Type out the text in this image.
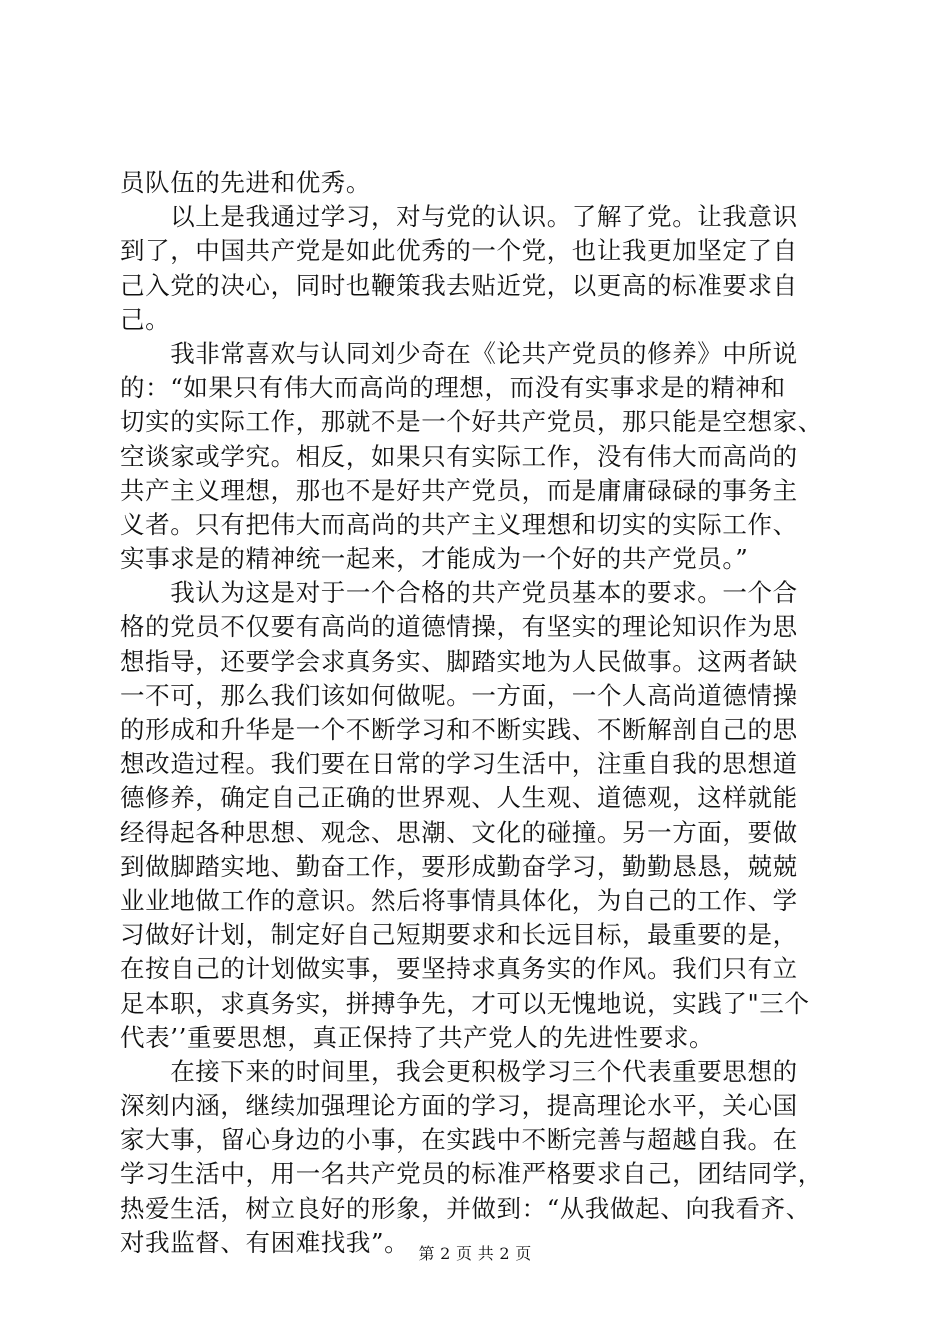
员队伍的先进和优秀。
　　以上是我通过学习，对与党的认识。了解了党。让我意识
到了，中国共产党是如此优秀的一个党，也让我更加坚定了自
己入党的决心，同时也鞭策我去贴近党，以更高的标准要求自
己。
　　我非常喜欢与认同刘少奇在《论共产党员的修养》中所说
的：“如果只有伟大而高尚的理想，而没有实事求是的精神和
切实的实际工作，那就不是一个好共产党员，那只能是空想家、
空谈家或学究。相反，如果只有实际工作，没有伟大而高尚的
共产主义理想，那也不是好共产党员，而是庸庸碌碌的事务主
义者。只有把伟大而高尚的共产主义理想和切实的实际工作、
实事求是的精神统一起来，才能成为一个好的共产党员。”
　　我认为这是对于一个合格的共产党员基本的要求。一个合
格的党员不仅要有高尚的道德情操，有坚实的理论知识作为思
想指导，还要学会求真务实、脚踏实地为人民做事。这两者缺
一不可，那么我们该如何做呢。一方面，一个人高尚道德情操
的形成和升华是一个不断学习和不断实践、不断解剖自己的思
想改造过程。我们要在日常的学习生活中，注重自我的思想道
德修养，确定自己正确的世界观、人生观、道德观，这样就能
经得起各种思想、观念、思潮、文化的碰撞。另一方面，要做
到做脚踏实地、勤奋工作，要形成勤奋学习，勤勤恳恳，兢兢
业业地做工作的意识。然后将事情具体化，为自己的工作、学
习做好计划，制定好自己短期要求和长远目标，最重要的是，
在按自己的计划做实事，要坚持求真务实的作风。我们只有立
足本职，求真务实，拼搏争先，才可以无愧地说，实践了"三个
代表’’重要思想，真正保持了共产党人的先进性要求。
　　在接下来的时间里，我会更积极学习三个代表重要思想的
深刻内涵，继续加强理论方面的学习，提高理论水平，关心国
家大事，留心身边的小事，在实践中不断完善与超越自我。在
学习生活中，用一名共产党员的标准严格要求自己，团结同学，
热爱生活，树立良好的形象，并做到：“从我做起、向我看齐、
对我监督、有困难找我”。 第 2 页 共 2 页
